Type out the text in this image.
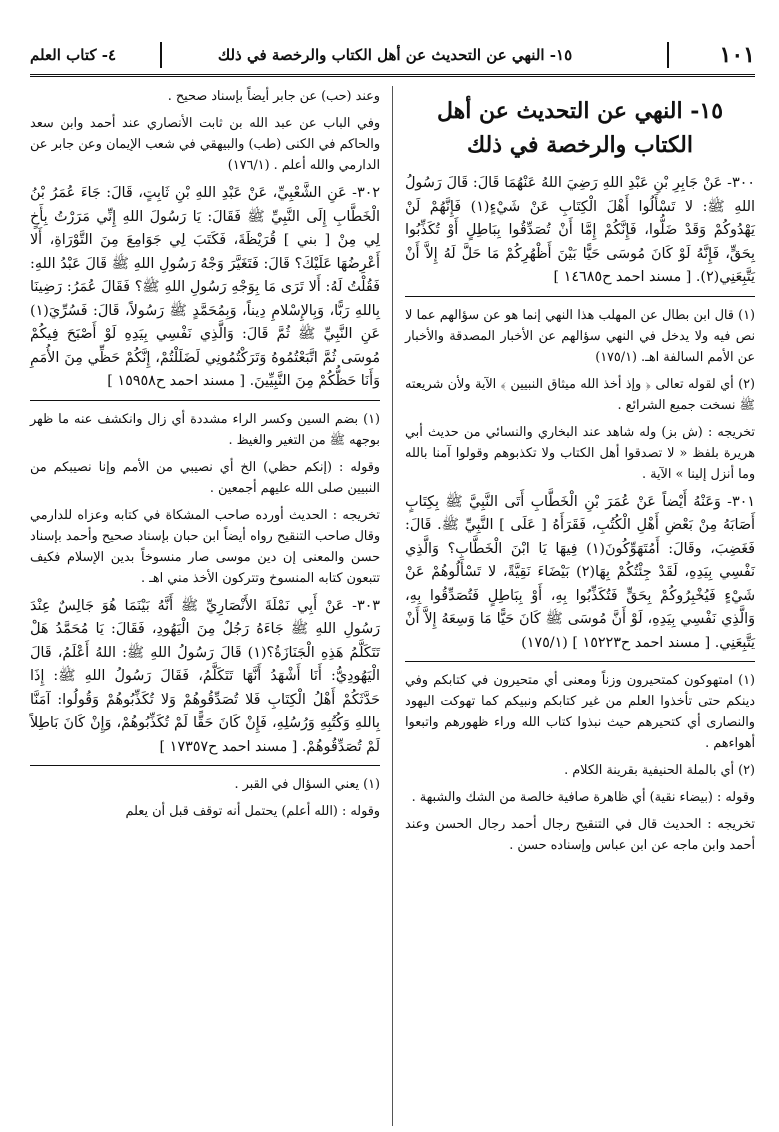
١٠١
١٥- النهي عن التحديث عن أهل الكتاب والرخصة في ذلك
٤- كتاب العلم
١٥- النهي عن التحديث عن أهل الكتاب والرخصة في ذلك

٣٠٠- عَنْ جَابِرِ بْنِ عَبْدِ اللهِ رَضِيَ اللهُ عَنْهُمَا قَالَ: قَالَ رَسُولُ اللهِ ﷺ: لا تَسْأَلُوا أَهْلَ الْكِتَابِ عَنْ شَيْءٍ(١) فَإِنَّهُمْ لَنْ يَهْدُوكُمْ وَقَدْ ضَلُّوا، فَإِنَّكُمْ إِمَّا أَنْ تُصَدِّقُوا بِبَاطِلٍ أَوْ تُكَذِّبُوا بِحَقٍّ، فَإِنَّهُ لَوْ كَانَ مُوسَى حَيًّا بَيْنَ أَظْهُرِكُمْ مَا حَلَّ لَهُ إِلاَّ أَنْ يَتَّبِعَنِي(٢). [ مسند احمد ح١٤٦٨٥ ]

(١) قال ابن بطال عن المهلب هذا النهي إنما هو عن سؤالهم عما لا نص فيه ولا يدخل في النهي سؤالهم عن الأخبار المصدقة والأخبار عن الأمم السالفة اهـ. (١٧٥/١)

(٢) أي لقوله تعالى ﴿ وإذ أخذ الله ميثاق النبيين ﴾ الآية ولأن شريعته ﷺ نسخت جميع الشرائع .

تخريجه : (ش بز) وله شاهد عند البخاري والنسائي من حديث أبي هريرة بلفظ « لا تصدقوا أهل الكتاب ولا تكذبوهم وقولوا آمنا بالله وما أنزل إلينا » الآية .

٣٠١- وَعَنْهُ أَيْضاً عَنْ عُمَرَ بْنِ الْخَطَّابِ أَتَى النَّبِيَّ ﷺ بِكِتَابٍ أَصَابَهُ مِنْ بَعْضِ أَهْلِ الْكُتُبِ، فَقَرَأَهُ [ عَلَى ] النَّبِيِّ ﷺ. قَالَ: فَغَضِبَ، وقَالَ: أَمُتَهَوِّكُونَ(١) فِيهَا يَا ابْنَ الْخَطَّابِ؟ وَالَّذِي نَفْسِي بِيَدِهِ، لَقَدْ جِئْتُكُمْ بِهَا(٢) بَيْضَاءَ نَقِيَّةً، لا تَسْأَلُوهُمْ عَنْ شَيْءٍ فَيُخْبِرُوكُمْ بِحَقٍّ فَتُكَذِّبُوا بِهِ، أَوْ بِبَاطِلٍ فَتُصَدِّقُوا بِهِ، وَالَّذِي نَفْسِي بِيَدِهِ، لَوْ أَنَّ مُوسَى ﷺ كَانَ حَيًّا مَا وَسِعَهُ إِلاَّ أَنْ يَتَّبِعَنِي. [ مسند احمد ح١٥٢٢٣ ] (١٧٥/١)

(١) امتهوكون كمتحيرون وزناً ومعنى أي متحيرون في كتابكم وفي دينكم حتى تأخذوا العلم من غير كتابكم ونبيكم كما تهوكت اليهود والنصارى أي كتحيرهم حيث نبذوا كتاب الله وراء ظهورهم واتبعوا أهواءهم .

(٢) أي بالملة الحنيفية بقرينة الكلام .

وقوله : (بيضاء نقية) أي ظاهرة صافية خالصة من الشك والشبهة .

تخريجه : الحديث قال في التنقيح رجال أحمد رجال الحسن وعند أحمد وابن ماجه عن ابن عباس وإسناده حسن .

وعند (حب) عن جابر أيضاً بإسناد صحيح .

وفي الباب عن عبد الله بن ثابت الأنصاري عند أحمد وابن سعد والحاكم في الكنى (طب) والبيهقي في شعب الإيمان وعن جابر عن الدارمي والله أعلم . (١٧٦/١)

٣٠٢- عَنِ الشَّعْبِيِّ، عَنْ عَبْدِ اللهِ بْنِ ثَابِتٍ، قَالَ: جَاءَ عُمَرُ بْنُ الْخَطَّابِ إِلَى النَّبِيِّ ﷺ فَقَالَ: يَا رَسُولَ اللهِ إِنِّي مَرَرْتُ بِأَخٍ لِي مِنْ [ بني ] قُرَيْظَةَ، فَكَتَبَ لِي جَوَامِعَ مِنَ التَّوْرَاةِ، أَلا أَعْرِضُهَا عَلَيْكَ؟ قَالَ: فَتَغَيَّرَ وَجْهُ رَسُولِ اللهِ ﷺ قَالَ عَبْدُ اللهِ: فَقُلْتُ لَهُ: أَلا تَرَى مَا بِوَجْهِ رَسُولِ اللهِ ﷺ؟ فَقَالَ عُمَرُ: رَضِينَا بِاللهِ رَبًّا، وَبِالإِسْلامِ دِيناً، وَبِمُحَمَّدٍ ﷺ رَسُولاً، قَالَ: فَسُرِّيَ(١) عَنِ النَّبِيِّ ﷺ ثُمَّ قَالَ: وَالَّذِي نَفْسِي بِيَدِهِ لَوْ أَصْبَحَ فِيكُمْ مُوسَى ثُمَّ اتَّبَعْتُمُوهُ وَتَرَكْتُمُونِي لَضَلَلْتُمْ، إِنَّكُمْ حَظِّي مِنَ الأُمَمِ وَأَنَا حَظُّكُمْ مِنَ النَّبِيِّينَ. [ مسند احمد ح١٥٩٥٨ ]

(١) بضم السين وكسر الراء مشددة أي زال وانكشف عنه ما ظهر بوجهه ﷺ من التغير والغيظ .

وقوله : (إنكم حظي) الخ أي نصيبي من الأمم وإنا نصيبكم من النبيين صلى الله عليهم أجمعين .

تخريجه : الحديث أورده صاحب المشكاة في كتابه وعزاه للدارمي وقال صاحب التنقيح رواه أيضاً ابن حبان بإسناد صحيح وأحمد بإسناد حسن والمعنى إن دين موسى صار منسوخاً بدين الإسلام فكيف تتبعون كتابه المنسوخ وتتركون الأخذ مني اهـ .

٣٠٣- عَنْ أَبِي نَمْلَةَ الأَنْصَارِيِّ ﷺ أَنَّهُ بَيْنَمَا هُوَ جَالِسٌ عِنْدَ رَسُولِ اللهِ ﷺ جَاءَهُ رَجُلٌ مِنَ الْيَهُودِ، فَقَالَ: يَا مُحَمَّدُ هَلْ تَتَكَلَّمُ هَذِهِ الْجَنَازَةُ؟(١) قَالَ رَسُولُ اللهِ ﷺ: اللهُ أَعْلَمُ، قَالَ الْيَهُودِيُّ: أَنَا أَشْهَدُ أَنَّهَا تَتَكَلَّمُ، فَقَالَ رَسُولُ اللهِ ﷺ: إِذَا حَدَّثَكُمْ أَهْلُ الْكِتَابِ فَلا تُصَدِّقُوهُمْ وَلا تُكَذِّبُوهُمْ وَقُولُوا: آمَنَّا بِاللهِ وَكُتُبِهِ وَرُسُلِهِ، فَإِنْ كَانَ حَقًّا لَمْ تُكَذِّبُوهُمْ، وَإِنْ كَانَ بَاطِلاً لَمْ تُصَدِّقُوهُمْ. [ مسند احمد ح١٧٣٥٧ ]

(١) يعني السؤال في القبر .

وقوله : (الله أعلم) يحتمل أنه توقف قبل أن يعلم
